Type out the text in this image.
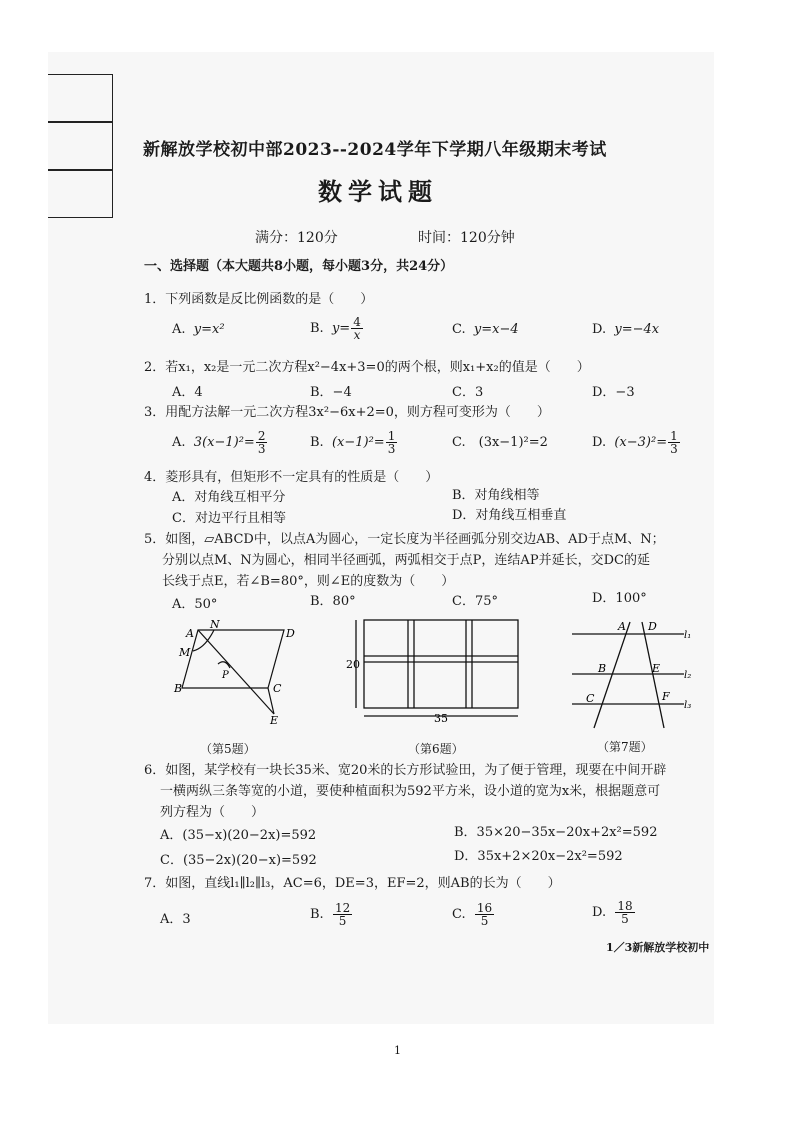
新解放学校初中部2023--2024学年下学期八年级期末考试
数学试题
满分：120分	时间：120分钟
一、选择题（本大题共8小题，每小题3分，共24分）
1．下列函数是反比例函数的是（　　）
A. y=x²	B. $y= \frac{4}{x}$	C. y=x−4	D. y=−4x
2．若x₁，x₂是一元二次方程x²−4x+3=0的两个根，则x₁+x₂的值是（　　）
A．4	B．−4	C．3	D．−3
3．用配方法解一元二次方程3x²−6x+2=0，则方程可变形为（　　）
A. $3(x-1)^2= \frac{2}{3}$	B. $(x-1)^2= \frac{1}{3}$	C.　(3x−1)²=2	D. $(x-3)^2= \frac{1}{3}$
4．菱形具有，但矩形不一定具有的性质是（　　）
A．对角线互相平分	B．对角线相等
C．对边平行且相等	D．对角线互相垂直
5．如图，▱ABCD中，以点A为圆心，一定长度为半径画弧分别交边AB、AD于点M、N；
分别以点M、N为圆心，相同半径画弧，两弧相交于点P，连结AP并延长，交DC的延
长线于点E，若∠B=80°，则∠E的度数为（　　）
A．50°	B．80°	C．75°	D．100°
A
N
D
M
P
B	C
E
（第5题）
20
35
（第6题）
A D
l₁
B	E
l₂
C	F
l₃
（第7题）
6．如图，某学校有一块长35米、宽20米的长方形试验田，为了便于管理，现要在中间开辟
一横两纵三条等宽的小道，要使种植面积为592平方米，设小道的宽为x米，根据题意可
列方程为（　　）
A．(35−x)(20−2x)=592	B．35×20−35x−20x+2x²=592
C．(35−2x)(20−x)=592	D．35x+2×20x−2x²=592
7．如图，直线l₁∥l₂∥l₃，AC=6，DE=3，EF=2，则AB的长为（　　）
A．3	B. $\frac{12}{5}$	C. $\frac{16}{5}$	D. $\frac{18}{5}$
1／3新解放学校初中
1
